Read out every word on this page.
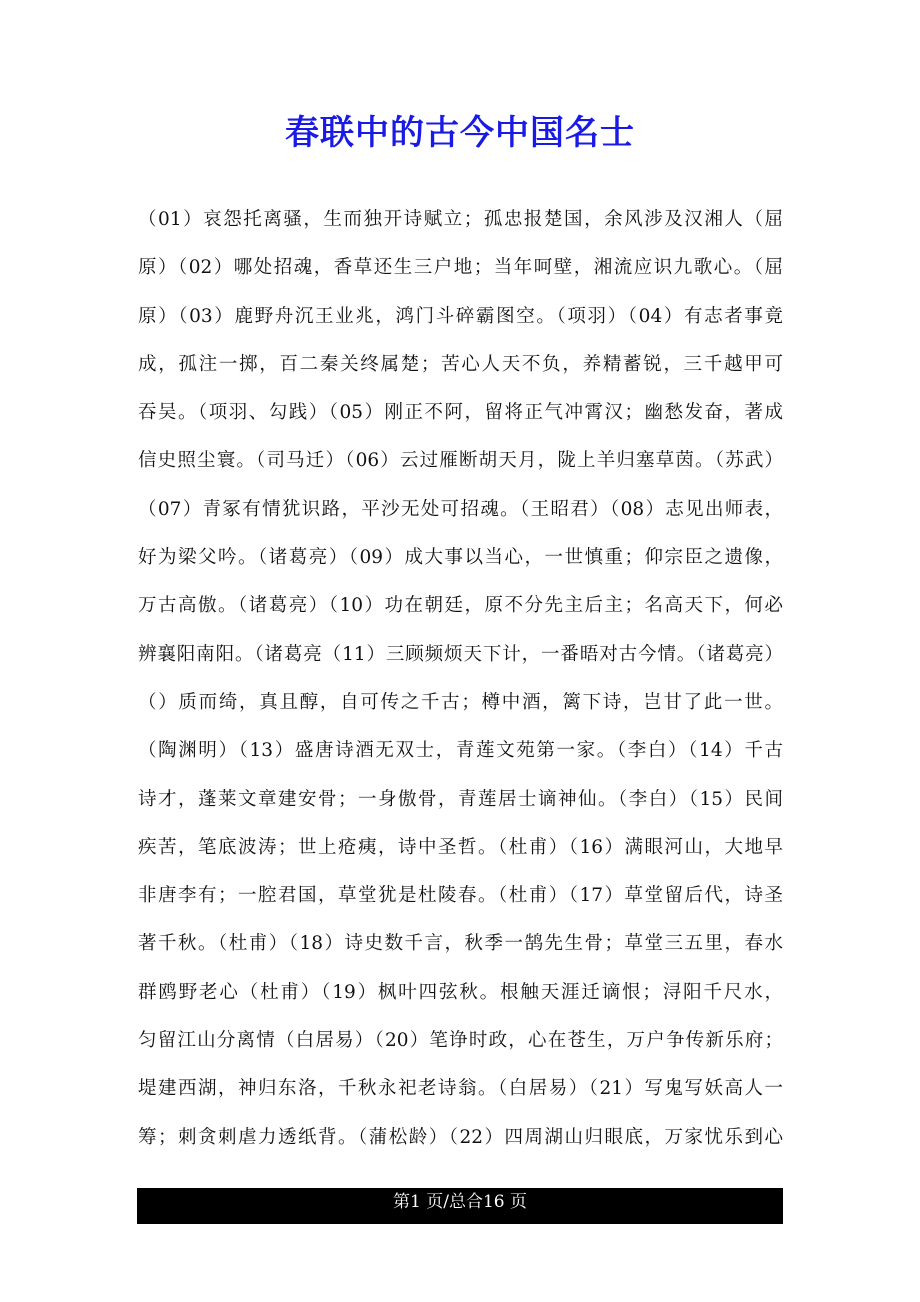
春联中的古今中国名士
（01）哀怨托离骚，生而独开诗赋立；孤忠报楚国，余风涉及汉湘人（屈
原）（02）哪处招魂，香草还生三户地；当年呵壁，湘流应识九歌心。（屈
原）（03）鹿野舟沉王业兆，鸿门斗碎霸图空。（项羽）（04）有志者事竟
成，孤注一掷，百二秦关终属楚；苦心人天不负，养精蓄锐，三千越甲可
吞吴。（项羽、勾践）（05）刚正不阿，留将正气冲霄汉；幽愁发奋，著成
信史照尘寰。（司马迁）（06）云过雁断胡天月，陇上羊归塞草茵。（苏武）
（07）青冢有情犹识路，平沙无处可招魂。（王昭君）（08）志见出师表，
好为梁父吟。（诸葛亮）（09）成大事以当心，一世慎重；仰宗臣之遗像，
万古高傲。（诸葛亮）（10）功在朝廷，原不分先主后主；名高天下，何必
辨襄阳南阳。（诸葛亮（11）三顾频烦天下计，一番晤对古今情。（诸葛亮）
（）质而绮，真且醇，自可传之千古；樽中酒，篱下诗，岂甘了此一世。
（陶渊明）（13）盛唐诗酒无双士，青莲文苑第一家。（李白）（14）千古
诗才，蓬莱文章建安骨；一身傲骨，青莲居士谪神仙。（李白）（15）民间
疾苦，笔底波涛；世上疮痍，诗中圣哲。（杜甫）（16）满眼河山，大地早
非唐李有；一腔君国，草堂犹是杜陵春。（杜甫）（17）草堂留后代，诗圣
著千秋。（杜甫）（18）诗史数千言，秋季一鹄先生骨；草堂三五里，春水
群鸥野老心（杜甫）（19）枫叶四弦秋。根触天涯迁谪恨；浔阳千尺水，
匀留江山分离情（白居易）（20）笔诤时政，心在苍生，万户争传新乐府；
堤建西湖，神归东洛，千秋永祀老诗翁。（白居易）（21）写鬼写妖高人一
筹；刺贪刺虐力透纸背。（蒲松龄）（22）四周湖山归眼底，万家忧乐到心
第1 页/总合16 页
